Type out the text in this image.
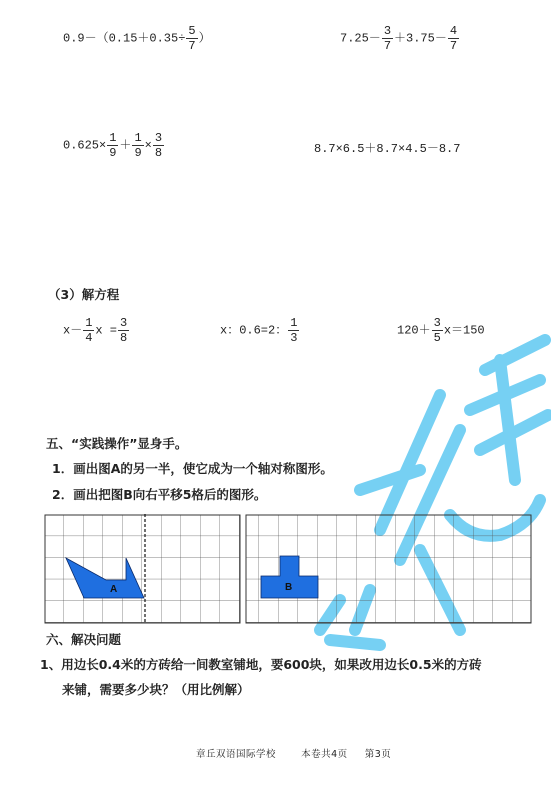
$0.9-(0.15+0.35\div \frac{5}{7}$ ）	$7.25- \frac{3}{7} +3.75- \frac{4}{7}$
$0.625\times \frac{1}{9} + \frac{1}{9} \times \frac{3}{8}$	8.7×6.5＋8.7×4.5－8.7
（3）解方程
$x- \frac{1}{4}$ $x = \frac{3}{8}$	x：0.6=2： $\frac{1}{3}$	$120+ \frac{3}{5} x=150$
五、“实践操作”显身手。
1．画出图A的另一半，使它成为一个轴对称图形。
2．画出把图B向右平移5格后的图形。
A	B
六、解决问题
1、用边长0.4米的方砖给一间教室铺地，要600块，如果改用边长0.5米的方砖
来铺，需要多少块？（用比例解）
章丘双语国际学校	本卷共4页 第3页
